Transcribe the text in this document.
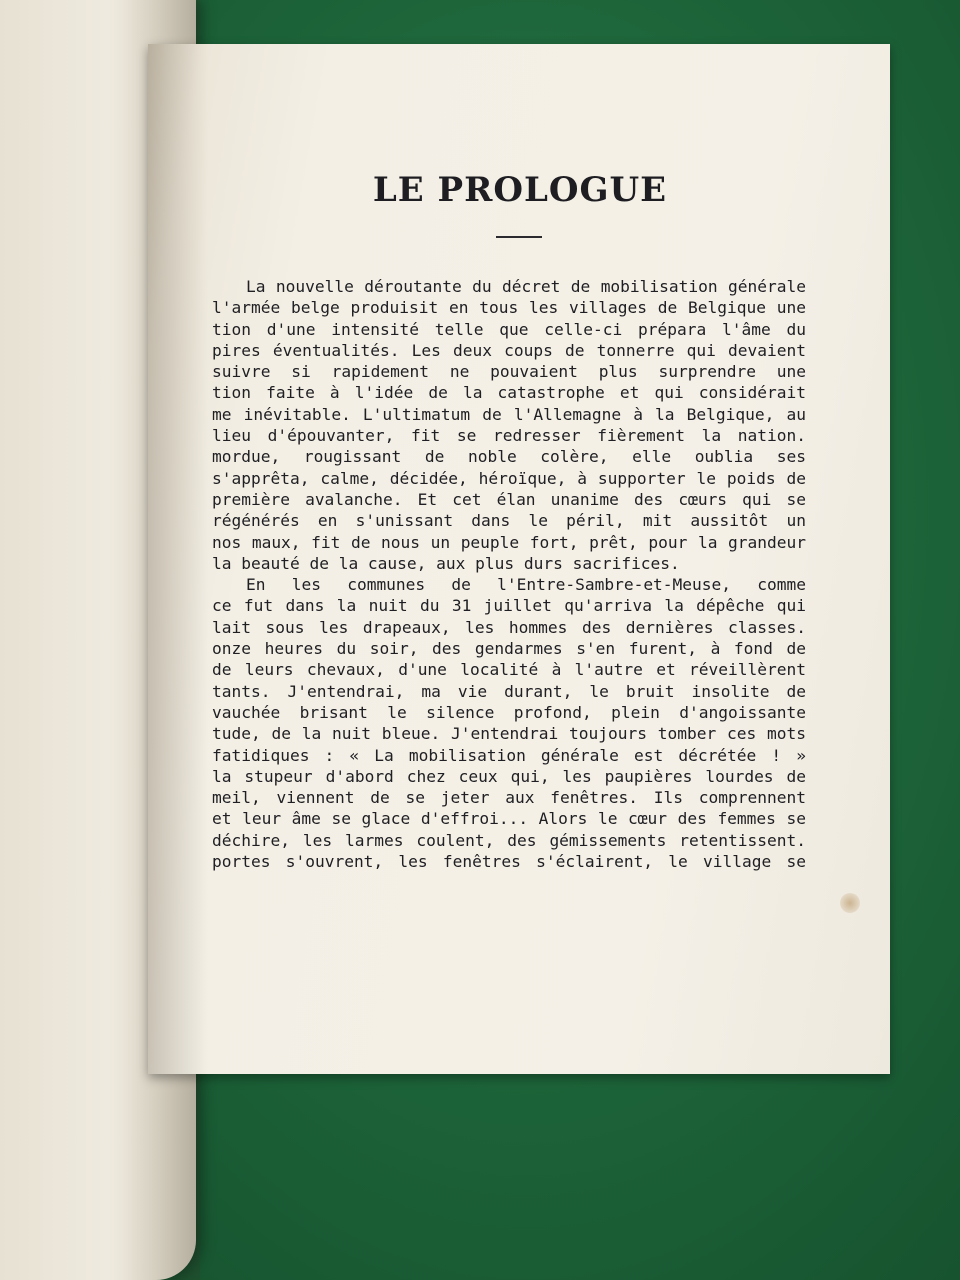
LE PROLOGUE
La nouvelle déroutante du décret de mobilisation générale
l'armée belge produisit en tous les villages de Belgique une
tion d'une intensité telle que celle-ci prépara l'âme du
pires éventualités. Les deux coups de tonnerre qui devaient
suivre si rapidement ne pouvaient plus surprendre une
tion faite à l'idée de la catastrophe et qui considérait
me inévitable. L'ultimatum de l'Allemagne à la Belgique, au
lieu d'épouvanter, fit se redresser fièrement la nation.
mordue, rougissant de noble colère, elle oublia ses
s'apprêta, calme, décidée, héroïque, à supporter le poids de
première avalanche. Et cet élan unanime des cœurs qui se
régénérés en s'unissant dans le péril, mit aussitôt un
nos maux, fit de nous un peuple fort, prêt, pour la grandeur
la beauté de la cause, aux plus durs sacrifices.
En les communes de l'Entre-Sambre-et-Meuse, comme
ce fut dans la nuit du 31 juillet qu'arriva la dépêche qui
lait sous les drapeaux, les hommes des dernières classes.
onze heures du soir, des gendarmes s'en furent, à fond de
de leurs chevaux, d'une localité à l'autre et réveillèrent
tants. J'entendrai, ma vie durant, le bruit insolite de
vauchée brisant le silence profond, plein d'angoissante
tude, de la nuit bleue. J'entendrai toujours tomber ces mots
fatidiques : « La mobilisation générale est décrétée ! »
la stupeur d'abord chez ceux qui, les paupières lourdes de
meil, viennent de se jeter aux fenêtres. Ils comprennent
et leur âme se glace d'effroi... Alors le cœur des femmes se
déchire, les larmes coulent, des gémissements retentissent.
portes s'ouvrent, les fenêtres s'éclairent, le village se
